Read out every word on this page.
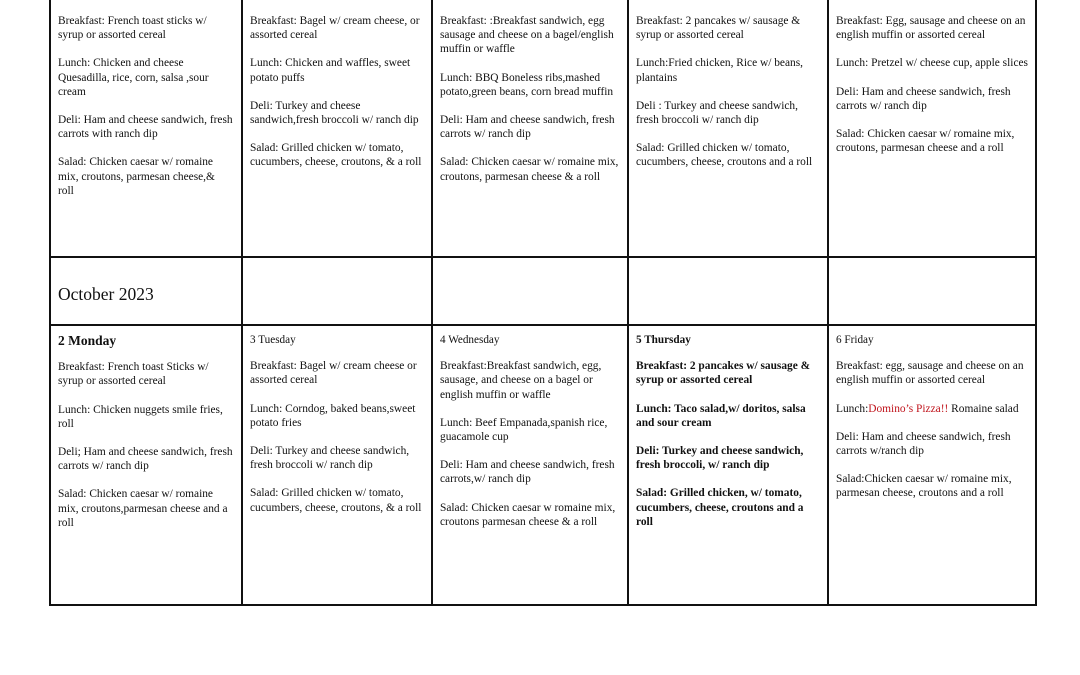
Breakfast: French toast sticks w/ syrup or assorted cereal

Lunch: Chicken and cheese Quesadilla, rice, corn, salsa ,sour cream

Deli: Ham and cheese sandwich, fresh carrots with ranch dip

Salad: Chicken caesar w/ romaine mix, croutons, parmesan cheese,& roll

Breakfast: Bagel w/ cream cheese, or assorted cereal

Lunch: Chicken and waffles, sweet potato puffs

Deli: Turkey and cheese sandwich,fresh broccoli w/ ranch dip

Salad: Grilled chicken w/ tomato, cucumbers, cheese, croutons, & a roll

Breakfast: :Breakfast sandwich, egg sausage and cheese on a bagel/english muffin or waffle

Lunch: BBQ Boneless ribs,mashed potato,green beans, corn bread muffin

Deli: Ham and cheese sandwich, fresh carrots w/ ranch dip

Salad: Chicken caesar w/ romaine mix, croutons, parmesan cheese & a roll

Breakfast: 2 pancakes w/ sausage & syrup or assorted cereal

Lunch:Fried chicken, Rice w/ beans, plantains

Deli : Turkey and cheese sandwich, fresh broccoli w/ ranch dip

Salad: Grilled chicken w/ tomato, cucumbers, cheese, croutons and a roll

Breakfast: Egg, sausage and cheese on an english muffin or assorted cereal

Lunch: Pretzel w/ cheese cup, apple slices

Deli: Ham and cheese sandwich, fresh carrots w/ ranch dip

Salad: Chicken caesar w/ romaine mix, croutons, parmesan cheese and a roll

October 2023

2 Monday

Breakfast: French toast Sticks w/ syrup or assorted cereal

Lunch: Chicken nuggets smile fries, roll

Deli; Ham and cheese sandwich, fresh carrots w/ ranch dip

Salad: Chicken caesar w/ romaine mix, croutons,parmesan cheese and a roll

3 Tuesday

Breakfast: Bagel w/ cream cheese or assorted cereal

Lunch: Corndog, baked beans,sweet potato fries

Deli: Turkey and cheese sandwich, fresh broccoli w/ ranch dip

Salad: Grilled chicken w/ tomato, cucumbers, cheese, croutons, & a roll

4 Wednesday

Breakfast:Breakfast sandwich, egg, sausage, and cheese on a bagel or english muffin or waffle

Lunch: Beef Empanada,spanish rice, guacamole cup

Deli: Ham and cheese sandwich, fresh carrots,w/ ranch dip

Salad: Chicken caesar w romaine mix, croutons parmesan cheese & a roll

5 Thursday

Breakfast: 2 pancakes w/ sausage & syrup or assorted cereal

Lunch: Taco salad,w/ doritos, salsa and sour cream

Deli: Turkey and cheese sandwich, fresh broccoli, w/ ranch dip

Salad: Grilled chicken, w/ tomato, cucumbers, cheese, croutons and a roll

6 Friday

Breakfast: egg, sausage and cheese on an english muffin or assorted cereal

Lunch:Domino’s Pizza!! Romaine salad

Deli: Ham and cheese sandwich, fresh carrots w/ranch dip

Salad:Chicken caesar w/ romaine mix, parmesan cheese, croutons and a roll
